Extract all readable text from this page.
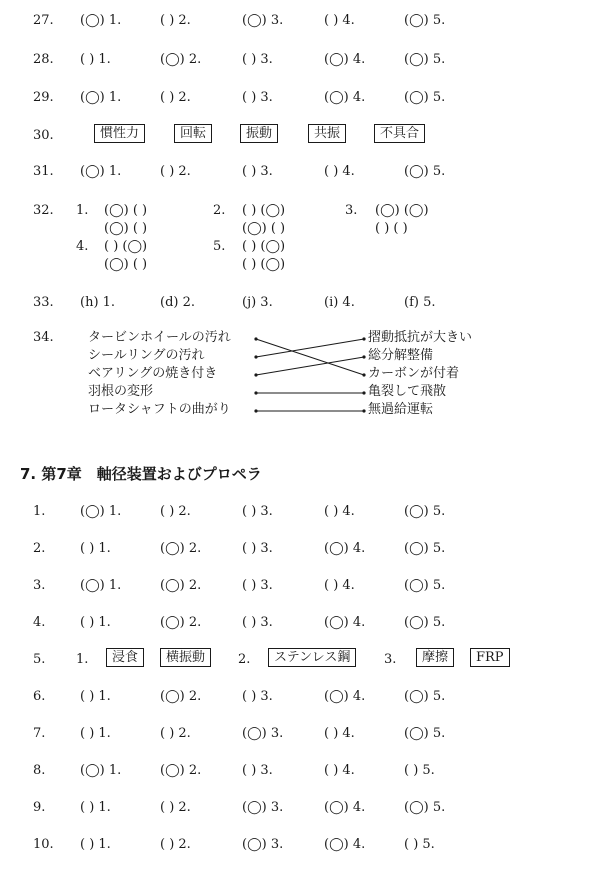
27. (◯) 1.	( ) 2.	(◯) 3.	( ) 4.	(◯) 5.
28. ( ) 1.	(◯) 2.	( ) 3.	(◯) 4.	(◯) 5.
29. (◯) 1.	( ) 2.	( ) 3.	(◯) 4.	(◯) 5.
30.	慣性力	回転	振動	共振	不具合
31. (◯) 1.	( ) 2.	( ) 3.	( ) 4.	(◯) 5.
32. 1. (◯) ( )
(◯) ( )
2. ( ) (◯)
(◯) ( )
3. (◯) (◯)
( ) ( )
4. ( ) (◯)
(◯) ( )
5. ( ) (◯)
( ) (◯)
33. (h) 1.	(d) 2.	(j) 3.	(i) 4.	(f) 5.
34.	タービンホイールの汚れ
シールリングの汚れ
ベアリングの焼き付き
羽根の変形
ロータシャフトの曲がり
摺動抵抗が大きい
総分解整備
カーボンが付着
亀裂して飛散
無過給運転
7. 第7章　軸径装置およびプロペラ
1.	(◯) 1.	( ) 2.	( ) 3.	( ) 4.	(◯) 5.
2.	( ) 1.	(◯) 2.	( ) 3.	(◯) 4.	(◯) 5.
3.	(◯) 1.	(◯) 2.	( ) 3.	( ) 4.	(◯) 5.
4.	( ) 1.	(◯) 2.	( ) 3.	(◯) 4.	(◯) 5.
5. 1.	浸食	横振動	2.	ステンレス鋼	3.	摩擦	FRP
6.	( ) 1.	(◯) 2.	( ) 3.	(◯) 4.	(◯) 5.
7.	( ) 1.	( ) 2.	(◯) 3.	( ) 4.	(◯) 5.
8.	(◯) 1.	(◯) 2.	( ) 3.	( ) 4.	( ) 5.
9.	( ) 1.	( ) 2.	(◯) 3.	(◯) 4.	(◯) 5.
10. ( ) 1.	( ) 2.	(◯) 3.	(◯) 4.	( ) 5.
